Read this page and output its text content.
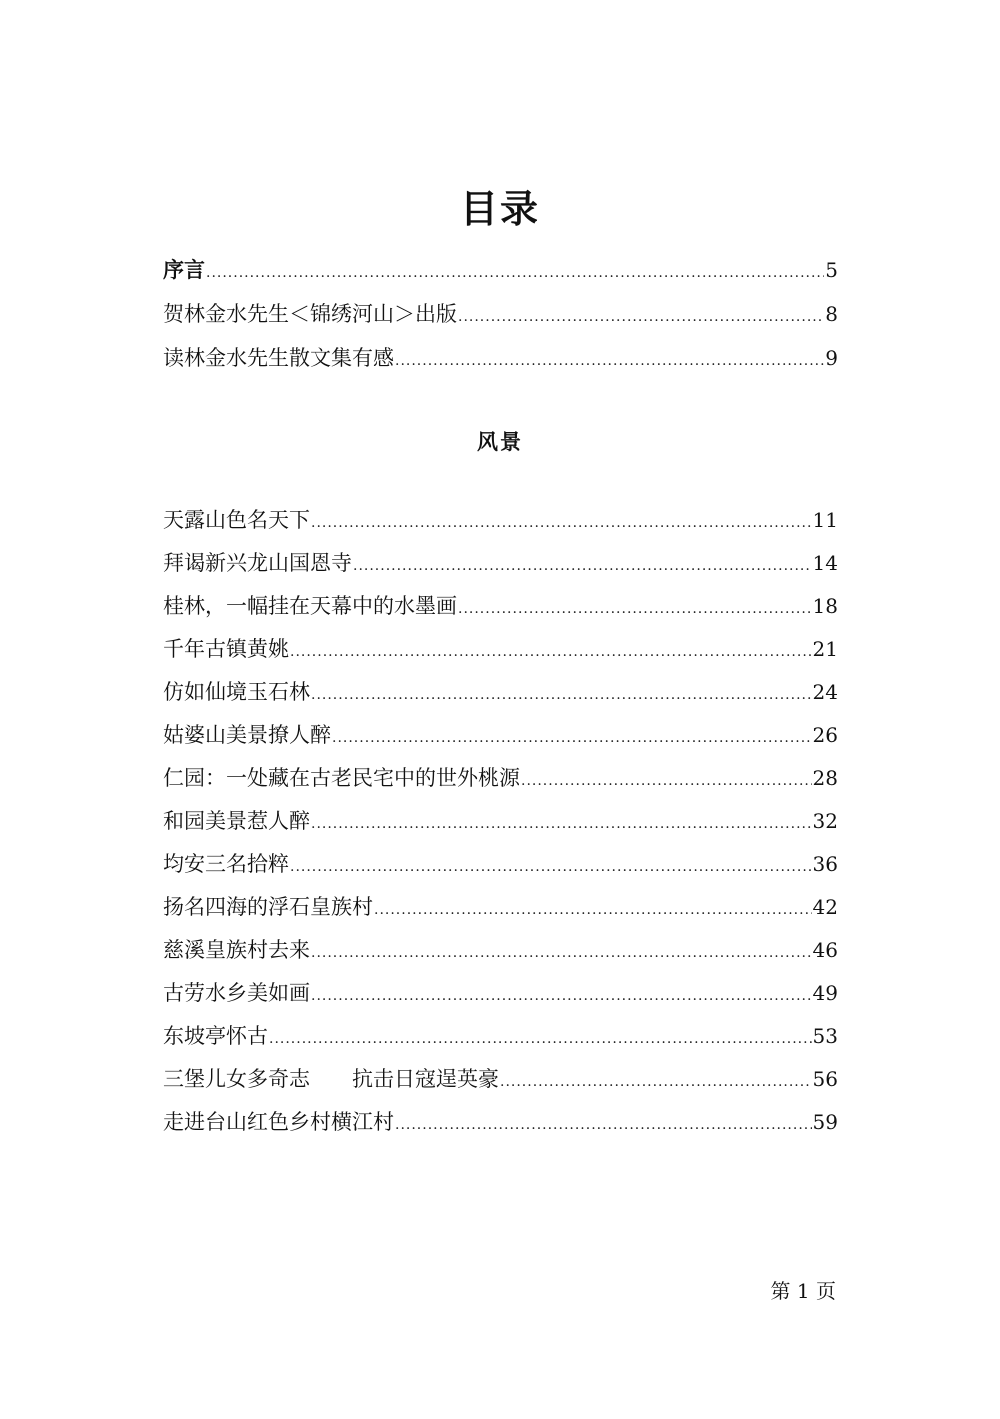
目录
序言 .....	5
贺林金水先生＜锦绣河山＞出版 .....	8
读林金水先生散文集有感 .....	9
风景
天露山色名天下 .....	11
拜谒新兴龙山国恩寺 .....	14
桂林，一幅挂在天幕中的水墨画 .....	18
千年古镇黄姚 .....	21
仿如仙境玉石林 .....	24
姑婆山美景撩人醉 .....	26
仁园：一处藏在古老民宅中的世外桃源 .....	28
和园美景惹人醉 .....	32
均安三名拾粹 .....	36
扬名四海的浮石皇族村 .....	42
慈溪皇族村去来 .....	46
古劳水乡美如画 .....	49
东坡亭怀古 .....	53
三堡儿女多奇志　　抗击日寇逞英豪 .....	56
走进台山红色乡村横江村 .....	59

第 1 页
